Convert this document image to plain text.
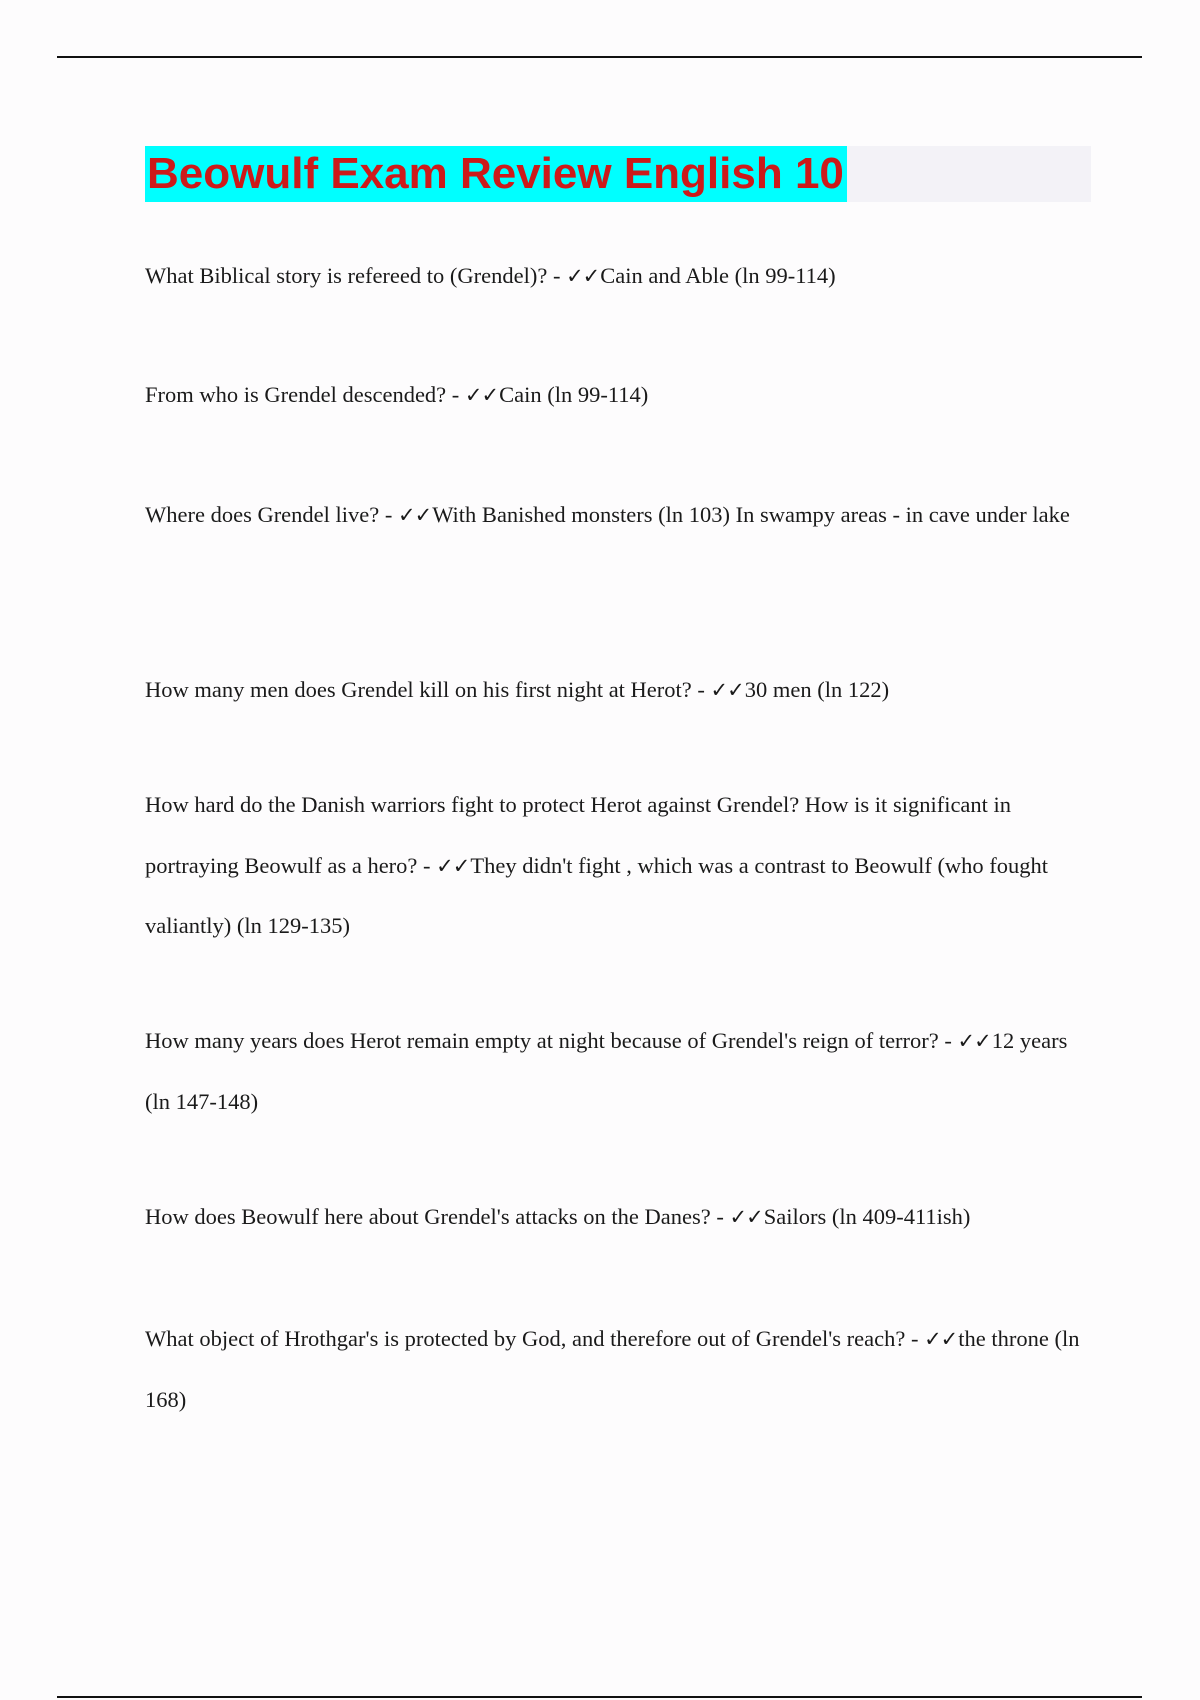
Beowulf Exam Review English 10

What Biblical story is refereed to (Grendel)? - ✓✓Cain and Able (ln 99-114)

From who is Grendel descended? - ✓✓Cain (ln 99-114)

Where does Grendel live? - ✓✓With Banished monsters (ln 103) In swampy areas - in cave under lake

How many men does Grendel kill on his first night at Herot? - ✓✓30 men (ln 122)

How hard do the Danish warriors fight to protect Herot against Grendel? How is it significant in portraying Beowulf as a hero? - ✓✓They didn't fight , which was a contrast to Beowulf (who fought valiantly) (ln 129-135)

How many years does Herot remain empty at night because of Grendel's reign of terror? - ✓✓12 years (ln 147-148)

How does Beowulf here about Grendel's attacks on the Danes? - ✓✓Sailors (ln 409-411ish)

What object of Hrothgar's is protected by God, and therefore out of Grendel's reach? - ✓✓the throne (ln 168)
